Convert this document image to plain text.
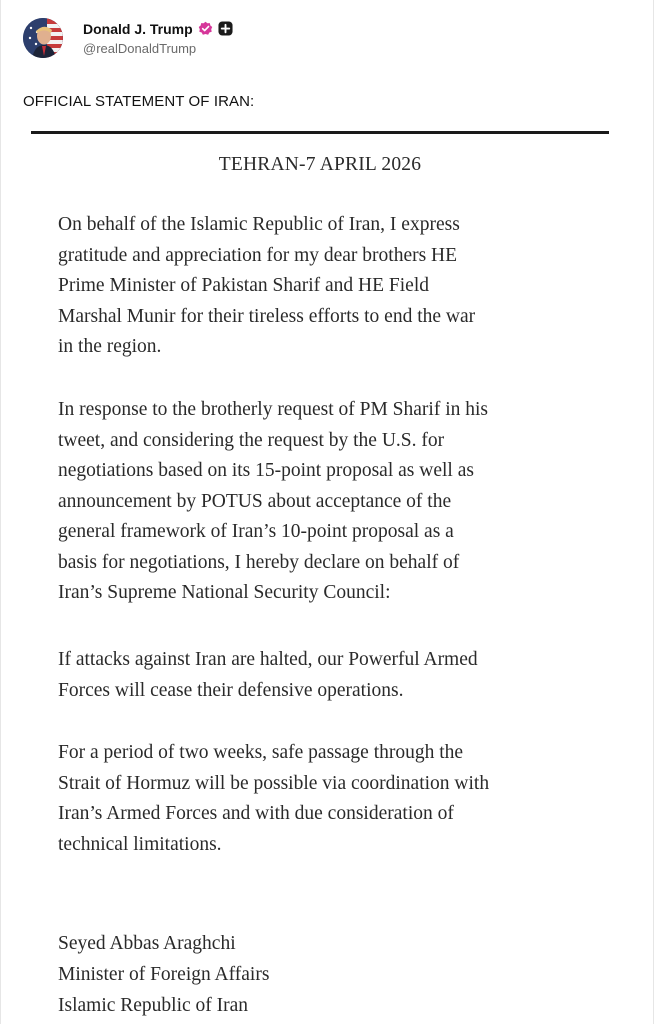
Donald J. Trump
@realDonaldTrump
OFFICIAL STATEMENT OF IRAN:
TEHRAN-7 APRIL 2026

On behalf of the Islamic Republic of Iran, I express
gratitude and appreciation for my dear brothers HE
Prime Minister of Pakistan Sharif and HE Field
Marshal Munir for their tireless efforts to end the war
in the region.

In response to the brotherly request of PM Sharif in his
tweet, and considering the request by the U.S. for
negotiations based on its 15-point proposal as well as
announcement by POTUS about acceptance of the
general framework of Iran’s 10-point proposal as a
basis for negotiations, I hereby declare on behalf of
Iran’s Supreme National Security Council:

If attacks against Iran are halted, our Powerful Armed
Forces will cease their defensive operations.

For a period of two weeks, safe passage through the
Strait of Hormuz will be possible via coordination with
Iran’s Armed Forces and with due consideration of
technical limitations.

Seyed Abbas Araghchi
Minister of Foreign Affairs
Islamic Republic of Iran
